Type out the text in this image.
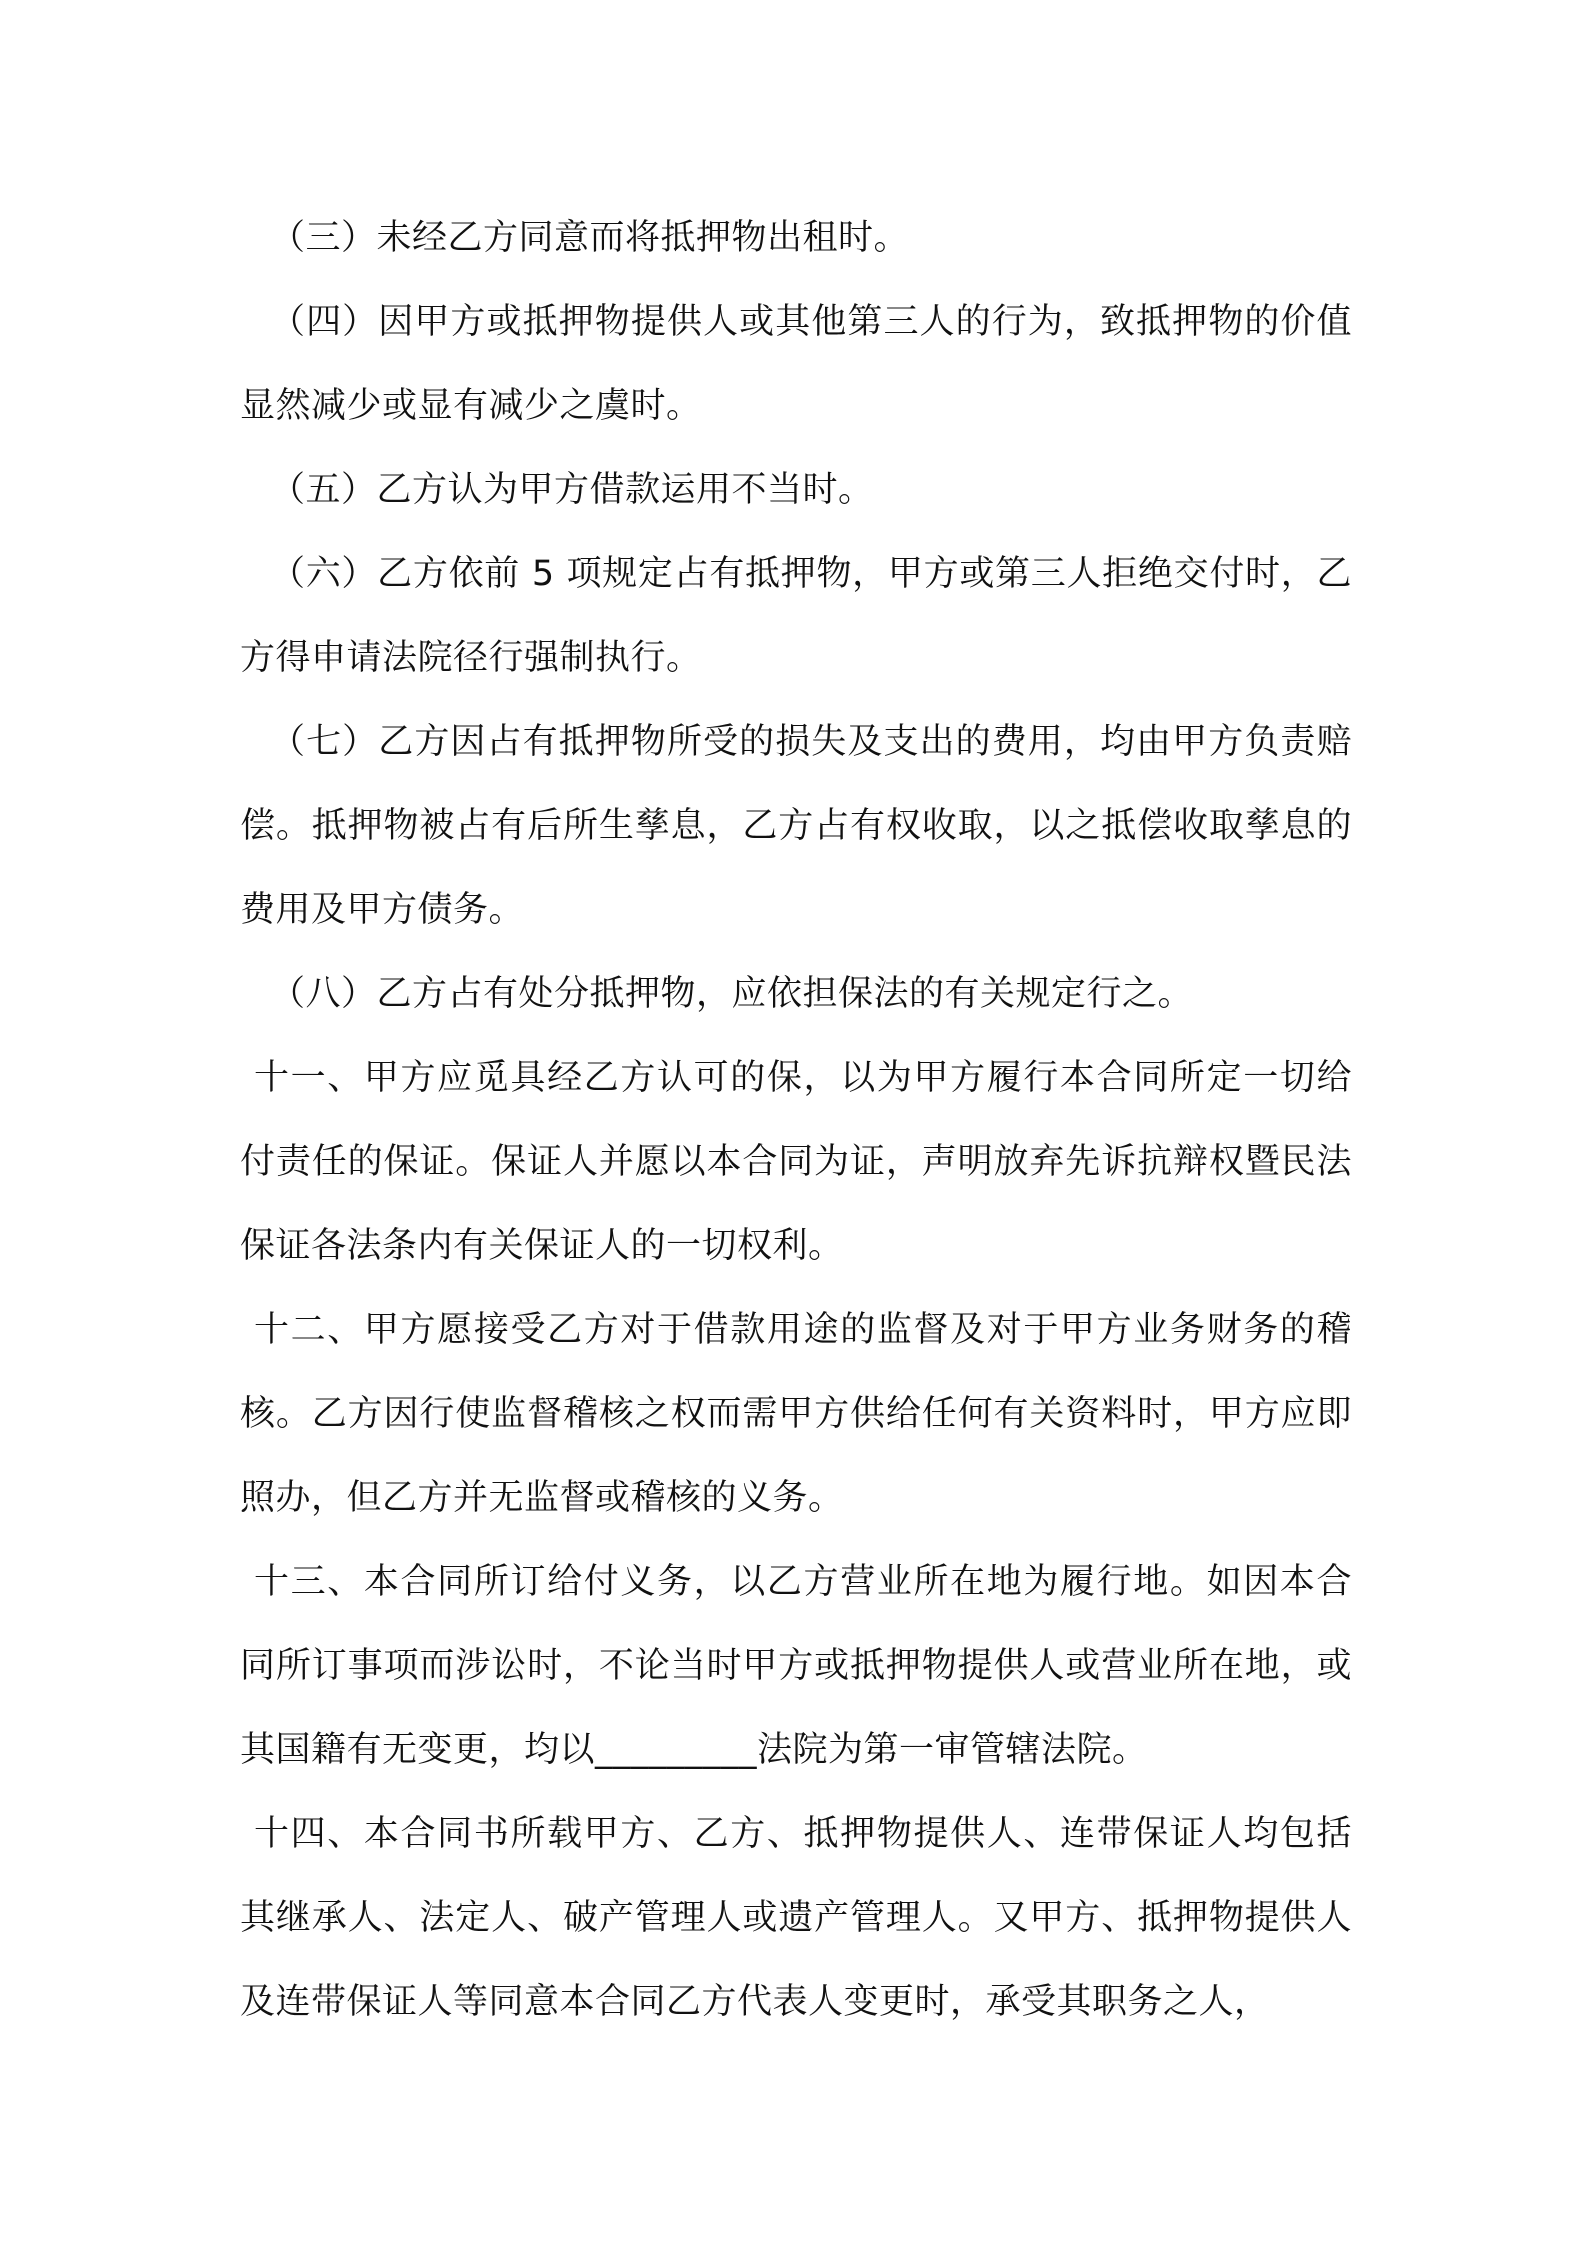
（三）未经乙方同意而将抵押物出租时。

（四）因甲方或抵押物提供人或其他第三人的行为，致抵押物的价值显然减少或显有减少之虞时。

（五）乙方认为甲方借款运用不当时。

（六）乙方依前 5 项规定占有抵押物，甲方或第三人拒绝交付时，乙方得申请法院径行强制执行。

（七）乙方因占有抵押物所受的损失及支出的费用，均由甲方负责赔偿。抵押物被占有后所生孳息，乙方占有权收取，以之抵偿收取孳息的费用及甲方债务。

（八）乙方占有处分抵押物，应依担保法的有关规定行之。

十一、甲方应觅具经乙方认可的保，以为甲方履行本合同所定一切给付责任的保证。保证人并愿以本合同为证，声明放弃先诉抗辩权暨民法保证各法条内有关保证人的一切权利。

十二、甲方愿接受乙方对于借款用途的监督及对于甲方业务财务的稽核。乙方因行使监督稽核之权而需甲方供给任何有关资料时，甲方应即照办，但乙方并无监督或稽核的义务。

十三、本合同所订给付义务，以乙方营业所在地为履行地。如因本合同所订事项而涉讼时，不论当时甲方或抵押物提供人或营业所在地，或其国籍有无变更，均以_________法院为第一审管辖法院。

十四、本合同书所载甲方、乙方、抵押物提供人、连带保证人均包括其继承人、法定人、破产管理人或遗产管理人。又甲方、抵押物提供人及连带保证人等同意本合同乙方代表人变更时，承受其职务之人，
